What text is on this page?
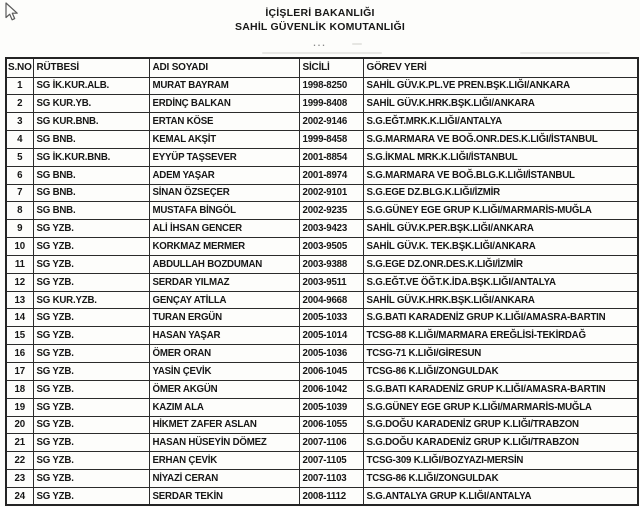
İÇİŞLERİ BAKANLIĞI
SAHİL GÜVENLİK KOMUTANLIĞI
...
S.NO	RÜTBESİ	ADI SOYADI	SİCİLİ	GÖREV YERİ
1	SG İK.KUR.ALB.	MURAT BAYRAM	1998-8250	SAHİL GÜV.K.PL.VE PREN.BŞK.LIĞI/ANKARA
2	SG KUR.YB.	ERDİNÇ BALKAN	1999-8408	SAHİL GÜV.K.HRK.BŞK.LIĞI/ANKARA
3	SG KUR.BNB.	ERTAN KÖSE	2002-9146	S.G.EĞT.MRK.K.LIĞI/ANTALYA
4	SG BNB.	KEMAL AKŞİT	1999-8458	S.G.MARMARA VE BOĞ.ONR.DES.K.LIĞI/İSTANBUL
5	SG İK.KUR.BNB.	EYYÜP TAŞSEVER	2001-8854	S.G.İKMAL MRK.K.LIĞI/İSTANBUL
6	SG BNB.	ADEM YAŞAR	2001-8974	S.G.MARMARA VE BOĞ.BLG.K.LIĞI/İSTANBUL
7	SG BNB.	SİNAN ÖZSEÇER	2002-9101	S.G.EGE DZ.BLG.K.LIĞI/İZMİR
8	SG BNB.	MUSTAFA BİNGÖL	2002-9235	S.G.GÜNEY EGE GRUP K.LIĞI/MARMARİS-MUĞLA
9	SG YZB.	ALİ İHSAN GENCER	2003-9423	SAHİL GÜV.K.PER.BŞK.LIĞI/ANKARA
10	SG YZB.	KORKMAZ MERMER	2003-9505	SAHİL GÜV.K. TEK.BŞK.LIĞI/ANKARA
11	SG YZB.	ABDULLAH BOZDUMAN	2003-9388	S.G.EGE DZ.ONR.DES.K.LIĞI/İZMİR
12	SG YZB.	SERDAR YILMAZ	2003-9511	S.G.EĞT.VE ÖĞT.K.İDA.BŞK.LIĞI/ANTALYA
13	SG KUR.YZB.	GENÇAY ATİLLA	2004-9668	SAHİL GÜV.K.HRK.BŞK.LIĞI/ANKARA
14	SG YZB.	TURAN ERGÜN	2005-1033	S.G.BATI KARADENİZ GRUP K.LIĞI/AMASRA-BARTIN
15	SG YZB.	HASAN YAŞAR	2005-1014	TCSG-88 K.LIĞI/MARMARA EREĞLİSİ-TEKİRDAĞ
16	SG YZB.	ÖMER ORAN	2005-1036	TCSG-71 K.LIĞI/GİRESUN
17	SG YZB.	YASİN ÇEVİK	2006-1045	TCSG-86 K.LIĞI/ZONGULDAK
18	SG YZB.	ÖMER AKGÜN	2006-1042	S.G.BATI KARADENİZ GRUP K.LIĞI/AMASRA-BARTIN
19	SG YZB.	KAZIM ALA	2005-1039	S.G.GÜNEY EGE GRUP K.LIĞI/MARMARİS-MUĞLA
20	SG YZB.	HİKMET ZAFER ASLAN	2006-1055	S.G.DOĞU KARADENİZ GRUP K.LIĞI/TRABZON
21	SG YZB.	HASAN HÜSEYİN DÖMEZ	2007-1106	S.G.DOĞU KARADENİZ GRUP K.LIĞI/TRABZON
22	SG YZB.	ERHAN ÇEVİK	2007-1105	TCSG-309 K.LIĞI/BOZYAZI-MERSİN
23	SG YZB.	NİYAZİ CERAN	2007-1103	TCSG-86 K.LIĞI/ZONGULDAK
24	SG YZB.	SERDAR TEKİN	2008-1112	S.G.ANTALYA GRUP K.LIĞI/ANTALYA
